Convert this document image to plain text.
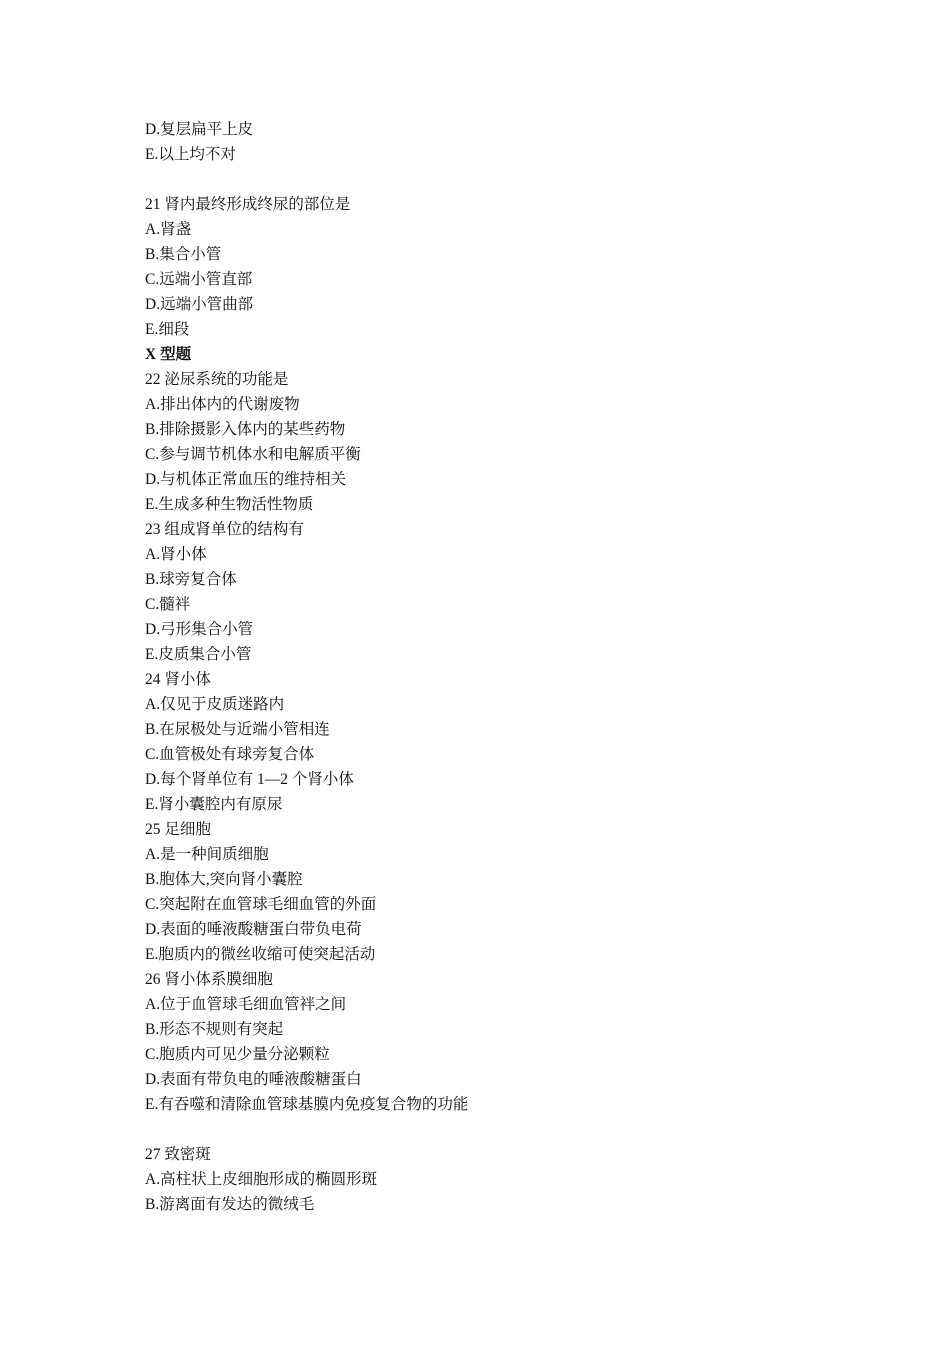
D.复层扁平上皮
E.以上均不对
21 肾内最终形成终尿的部位是
A.肾盏
B.集合小管
C.远端小管直部
D.远端小管曲部
E.细段
X 型题
22 泌尿系统的功能是
A.排出体内的代谢废物
B.排除摄影入体内的某些药物
C.参与调节机体水和电解质平衡
D.与机体正常血压的维持相关
E.生成多种生物活性物质
23 组成肾单位的结构有
A.肾小体
B.球旁复合体
C.髓袢
D.弓形集合小管
E.皮质集合小管
24 肾小体
A.仅见于皮质迷路内
B.在尿极处与近端小管相连
C.血管极处有球旁复合体
D.每个肾单位有 1—2 个肾小体
E.肾小囊腔内有原尿
25 足细胞
A.是一种间质细胞
B.胞体大,突向肾小囊腔
C.突起附在血管球毛细血管的外面
D.表面的唾液酸糖蛋白带负电荷
E.胞质内的微丝收缩可使突起活动
26 肾小体系膜细胞
A.位于血管球毛细血管袢之间
B.形态不规则有突起
C.胞质内可见少量分泌颗粒
D.表面有带负电的唾液酸糖蛋白
E.有吞噬和清除血管球基膜内免疫复合物的功能
27 致密斑
A.高柱状上皮细胞形成的椭圆形斑
B.游离面有发达的微绒毛
